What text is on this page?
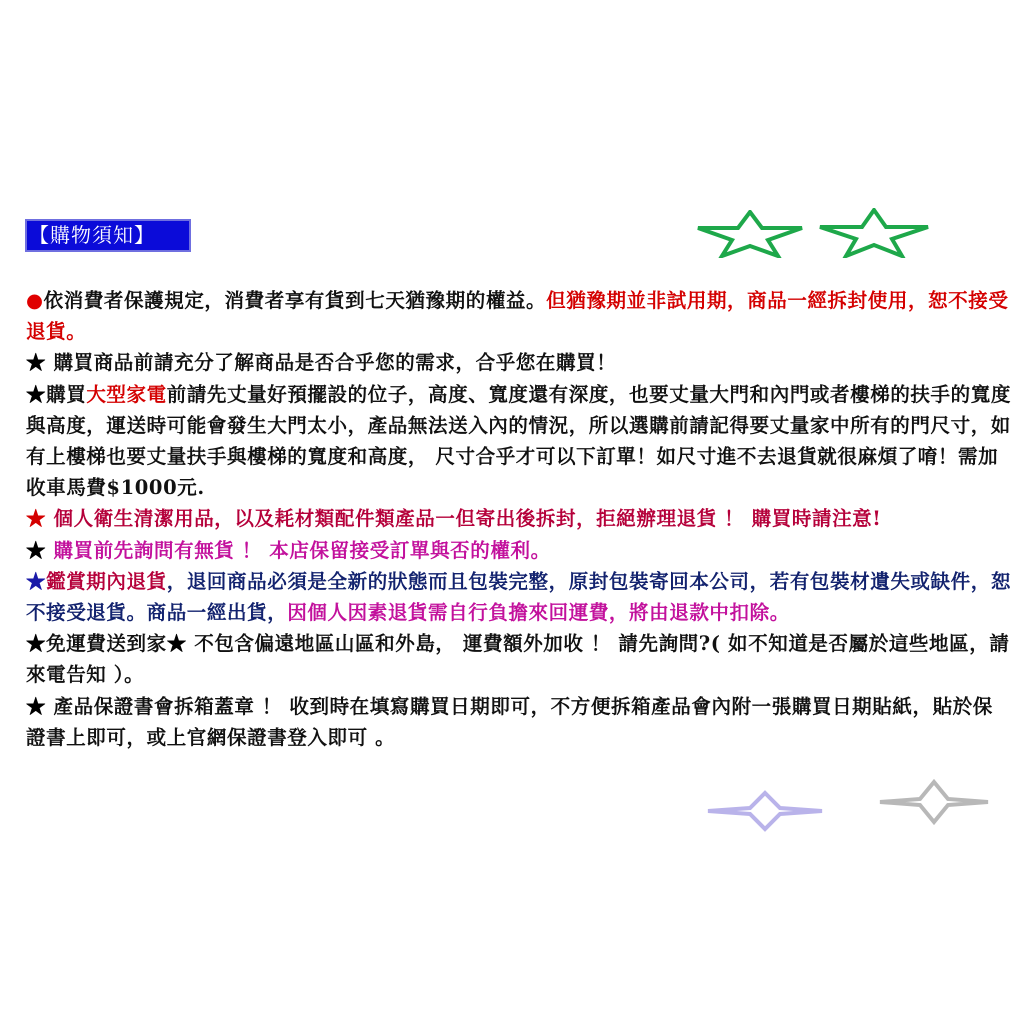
【購物須知】

●依消費者保護規定，消費者享有貨到七天猶豫期的權益。但猶豫期並非試用期，商品一經拆封使用，恕不接受退貨。

★ 購買商品前請充分了解商品是否合乎您的需求，合乎您在購買！

★購買大型家電前請先丈量好預擺設的位子，高度、寬度還有深度，也要丈量大門和內門或者樓梯的扶手的寬度與高度，運送時可能會發生大門太小，產品無法送入內的情況，所以選購前請記得要丈量家中所有的門尺寸，如有上樓梯也要丈量扶手與樓梯的寬度和高度， 尺寸合乎才可以下訂單！如尺寸進不去退貨就很麻煩了唷！需加收車馬費$1000元.

★ 個人衛生清潔用品，以及耗材類配件類產品一但寄出後拆封，拒絕辦理退貨 ！ 購買時請注意!

★ 購買前先詢問有無貨 ！ 本店保留接受訂單與否的權利。

★鑑賞期內退貨，退回商品必須是全新的狀態而且包裝完整，原封包裝寄回本公司，若有包裝材遺失或缺件，恕不接受退貨。商品一經出貨，因個人因素退貨需自行負擔來回運費，將由退款中扣除。

★免運費送到家★ 不包含偏遠地區山區和外島， 運費額外加收 ！ 請先詢問?( 如不知道是否屬於這些地區，請來電告知 ）。

★ 產品保證書會拆箱蓋章 ！ 收到時在填寫購買日期即可，不方便拆箱產品會內附一張購買日期貼紙，貼於保證書上即可，或上官網保證書登入即可 。
